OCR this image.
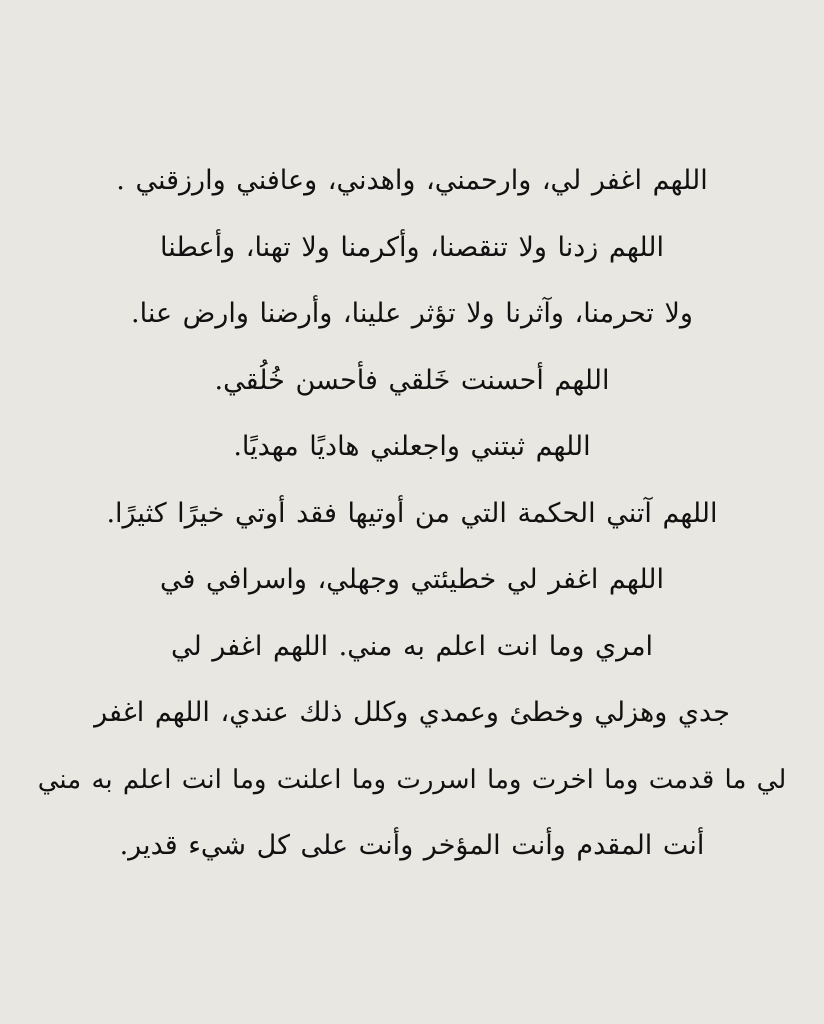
اللهم اغفر لي، وارحمني، واهدني، وعافني وارزقني .
اللهم زدنا ولا تنقصنا، وأكرمنا ولا تهنا، وأعطنا
ولا تحرمنا، وآثرنا ولا تؤثر علينا، وأرضنا وارض عنا.
اللهم أحسنت خَلقي فأحسن خُلُقي.
اللهم ثبتني واجعلني هاديًا مهديًا.
اللهم آتني الحكمة التي من أوتيها فقد أوتي خيرًا كثيرًا.
اللهم اغفر لي خطيئتي وجهلي، واسرافي في
امري وما انت اعلم به مني. اللهم اغفر لي
جدي وهزلي وخطئ وعمدي وكلل ذلك عندي، اللهم اغفر
لي ما قدمت وما اخرت وما اسررت وما اعلنت وما انت اعلم به مني
أنت المقدم وأنت المؤخر وأنت على كل شيء قدير.
